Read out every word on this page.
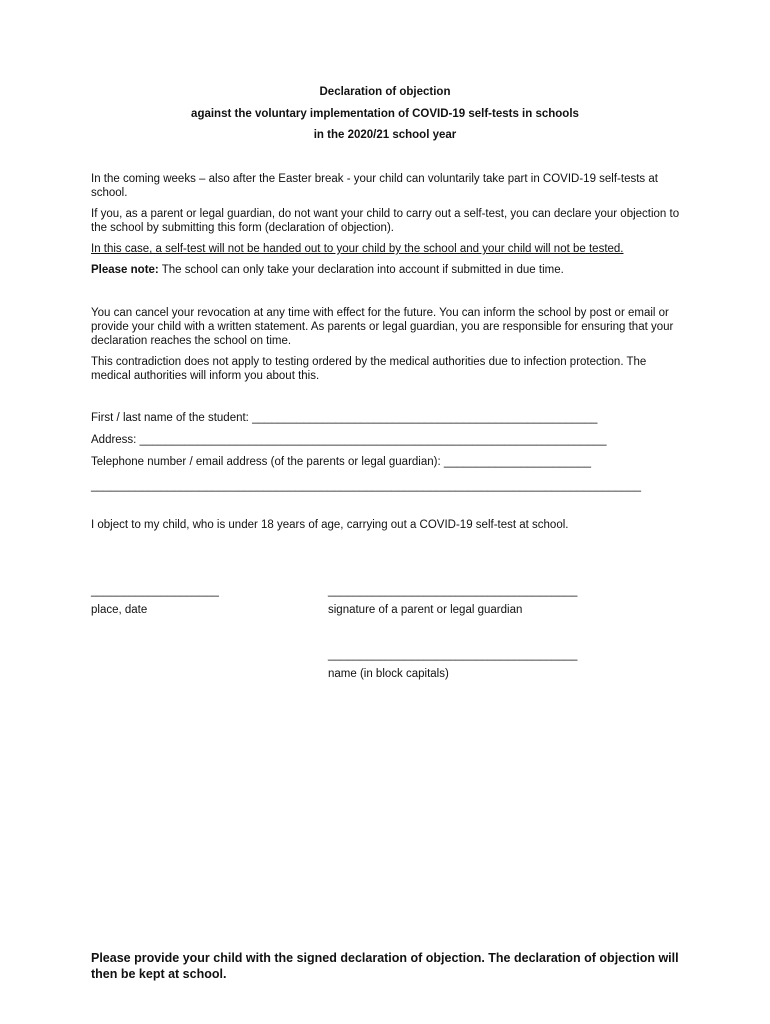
Declaration of objection
against the voluntary implementation of COVID-19 self-tests in schools
in the 2020/21 school year
In the coming weeks – also after the Easter break - your child can voluntarily take part in COVID-19 self-tests at school.
If you, as a parent or legal guardian, do not want your child to carry out a self-test, you can declare your objection to the school by submitting this form (declaration of objection).
In this case, a self-test will not be handed out to your child by the school and your child will not be tested.
Please note: The school can only take your declaration into account if submitted in due time.
You can cancel your revocation at any time with effect for the future. You can inform the school by post or email or provide your child with a written statement. As parents or legal guardian, you are responsible for ensuring that your declaration reaches the school on time.
This contradiction does not apply to testing ordered by the medical authorities due to infection protection. The medical authorities will inform you about this.
First / last name of the student: ______________________________________________________
Address: _________________________________________________________________________
Telephone number / email address (of the parents or legal guardian): _______________________
______________________________________________________________________________________
I object to my child, who is under 18 years of age, carrying out a COVID-19 self-test at school.
____________________
place, date
_______________________________________
signature of a parent or legal guardian
_______________________________________
name (in block capitals)
Please provide your child with the signed declaration of objection. The declaration of objection will then be kept at school.
